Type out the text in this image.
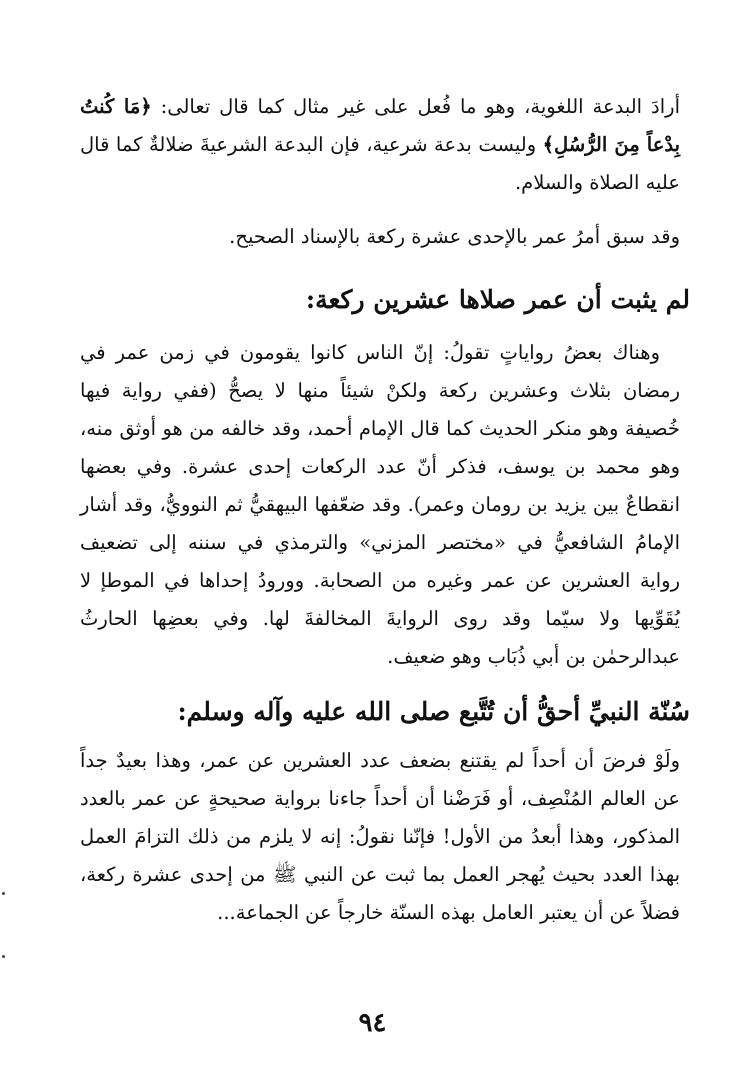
أرادَ البدعة اللغوية، وهو ما فُعل على غير مثال كما قال تعالى: ﴿مَا كُنتُ بِدْعاً مِنَ الرُّسُلِ﴾ وليست بدعة شرعية، فإن البدعة الشرعيةَ ضلالةٌ كما قال عليه الصلاة والسلام.

وقد سبق أمرُ عمر بالإحدى عشرة ركعة بالإسناد الصحيح.

لم يثبت أن عمر صلاها عشرين ركعة:

وهناك بعضُ رواياتٍ تقولُ: إنّ الناس كانوا يقومون في زمن عمر في رمضان بثلاث وعشرين ركعة ولكنْ شيئاً منها لا يصحُّ (ففي رواية فيها خُصيفة وهو منكر الحديث كما قال الإمام أحمد، وقد خالفه من هو أوثق منه، وهو محمد بن يوسف، فذكر أنّ عدد الركعات إحدى عشرة. وفي بعضها انقطاعٌ بين يزيد بن رومان وعمر). وقد ضعّفها البيهقيُّ ثم النوويُّ، وقد أشار الإمامُ الشافعيُّ في «مختصر المزني» والترمذي في سننه إلى تضعيف رواية العشرين عن عمر وغيره من الصحابة. وورودُ إحداها في الموطإ لا يُقَوِّيها ولا سيّما وقد روى الروايةَ المخالفةَ لها. وفي بعضِها الحارثُ عبدالرحمٰن بن أبي ذُبَاب وهو ضعيف.

سُنّة النبيِّ أحقُّ أن تُتَّبع صلى الله عليه وآله وسلم:

ولَوْ فرضَ أن أحداً لم يقتنع بضعف عدد العشرين عن عمر، وهذا بعيدٌ جداً عن العالم المُنْصِف، أو فَرَضْنا أن أحداً جاءنا برواية صحيحةٍ عن عمر بالعدد المذكور، وهذا أبعدُ من الأول! فإنّنا نقولُ: إنه لا يلزم من ذلك التزامَ العمل بهذا العدد بحيث يُهجر العمل بما ثبت عن النبي ﷺ من إحدى عشرة ركعة، فضلاً عن أن يعتبر العامل بهذه السنّة خارجاً عن الجماعة...

٩٤
